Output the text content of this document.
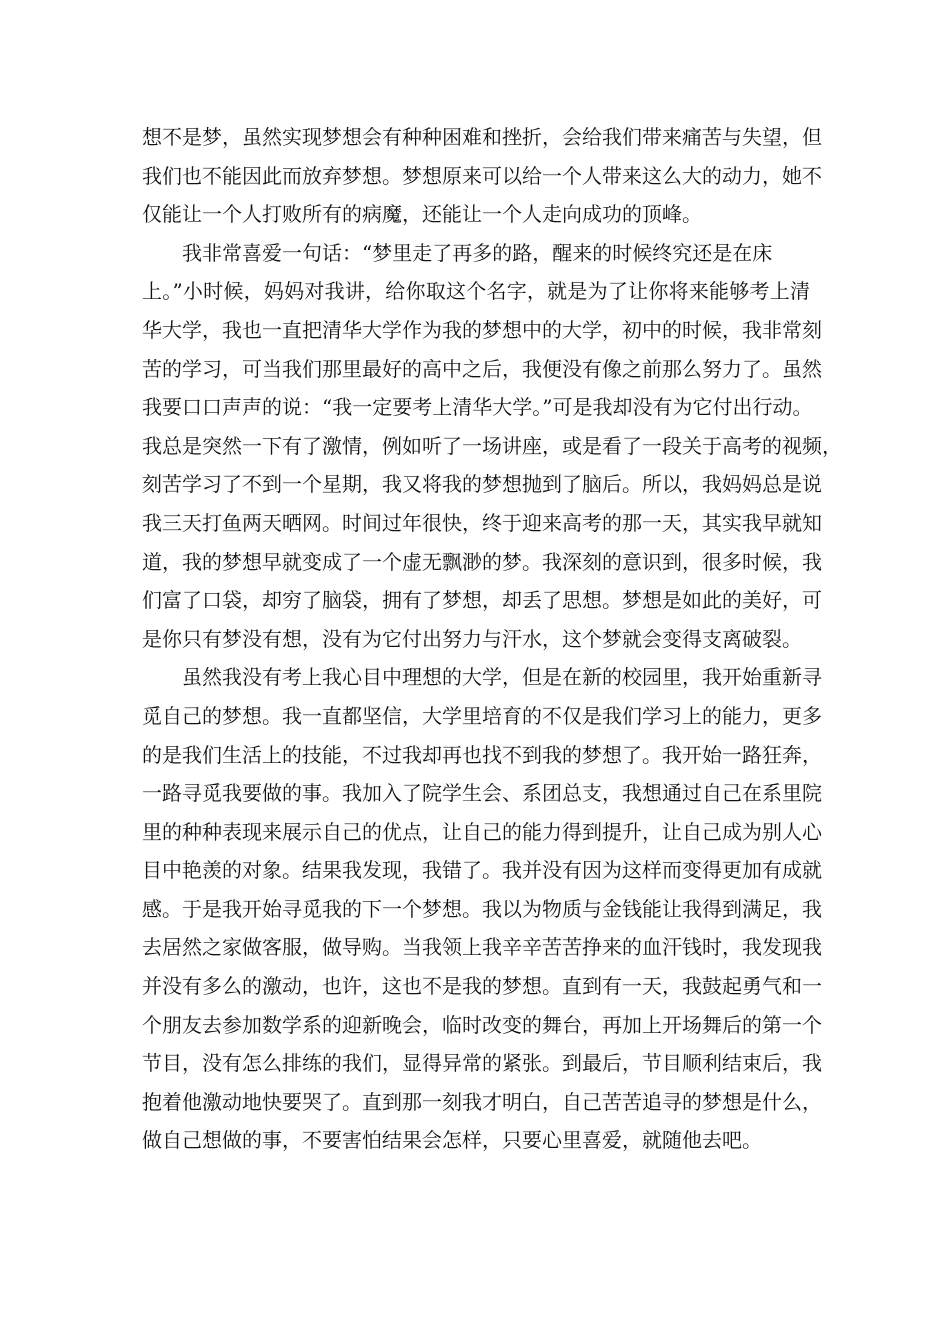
想不是梦，虽然实现梦想会有种种困难和挫折，会给我们带来痛苦与失望，但
我们也不能因此而放弃梦想。梦想原来可以给一个人带来这么大的动力，她不
仅能让一个人打败所有的病魔，还能让一个人走向成功的顶峰。
我非常喜爱一句话：“梦里走了再多的路，醒来的时候终究还是在床
上。”小时候，妈妈对我讲，给你取这个名字，就是为了让你将来能够考上清
华大学，我也一直把清华大学作为我的梦想中的大学，初中的时候，我非常刻
苦的学习，可当我们那里最好的高中之后，我便没有像之前那么努力了。虽然
我要口口声声的说：“我一定要考上清华大学。”可是我却没有为它付出行动。
我总是突然一下有了激情，例如听了一场讲座，或是看了一段关于高考的视频，
刻苦学习了不到一个星期，我又将我的梦想抛到了脑后。所以，我妈妈总是说
我三天打鱼两天晒网。时间过年很快，终于迎来高考的那一天，其实我早就知
道，我的梦想早就变成了一个虚无飘渺的梦。我深刻的意识到，很多时候，我
们富了口袋，却穷了脑袋，拥有了梦想，却丢了思想。梦想是如此的美好，可
是你只有梦没有想，没有为它付出努力与汗水，这个梦就会变得支离破裂。
虽然我没有考上我心目中理想的大学，但是在新的校园里，我开始重新寻
觅自己的梦想。我一直都坚信，大学里培育的不仅是我们学习上的能力，更多
的是我们生活上的技能，不过我却再也找不到我的梦想了。我开始一路狂奔，
一路寻觅我要做的事。我加入了院学生会、系团总支，我想通过自己在系里院
里的种种表现来展示自己的优点，让自己的能力得到提升，让自己成为别人心
目中艳羡的对象。结果我发现，我错了。我并没有因为这样而变得更加有成就
感。于是我开始寻觅我的下一个梦想。我以为物质与金钱能让我得到满足，我
去居然之家做客服，做导购。当我领上我辛辛苦苦挣来的血汗钱时，我发现我
并没有多么的激动，也许，这也不是我的梦想。直到有一天，我鼓起勇气和一
个朋友去参加数学系的迎新晚会，临时改变的舞台，再加上开场舞后的第一个
节目，没有怎么排练的我们，显得异常的紧张。到最后，节目顺利结束后，我
抱着他激动地快要哭了。直到那一刻我才明白，自己苦苦追寻的梦想是什么，
做自己想做的事，不要害怕结果会怎样，只要心里喜爱，就随他去吧。
